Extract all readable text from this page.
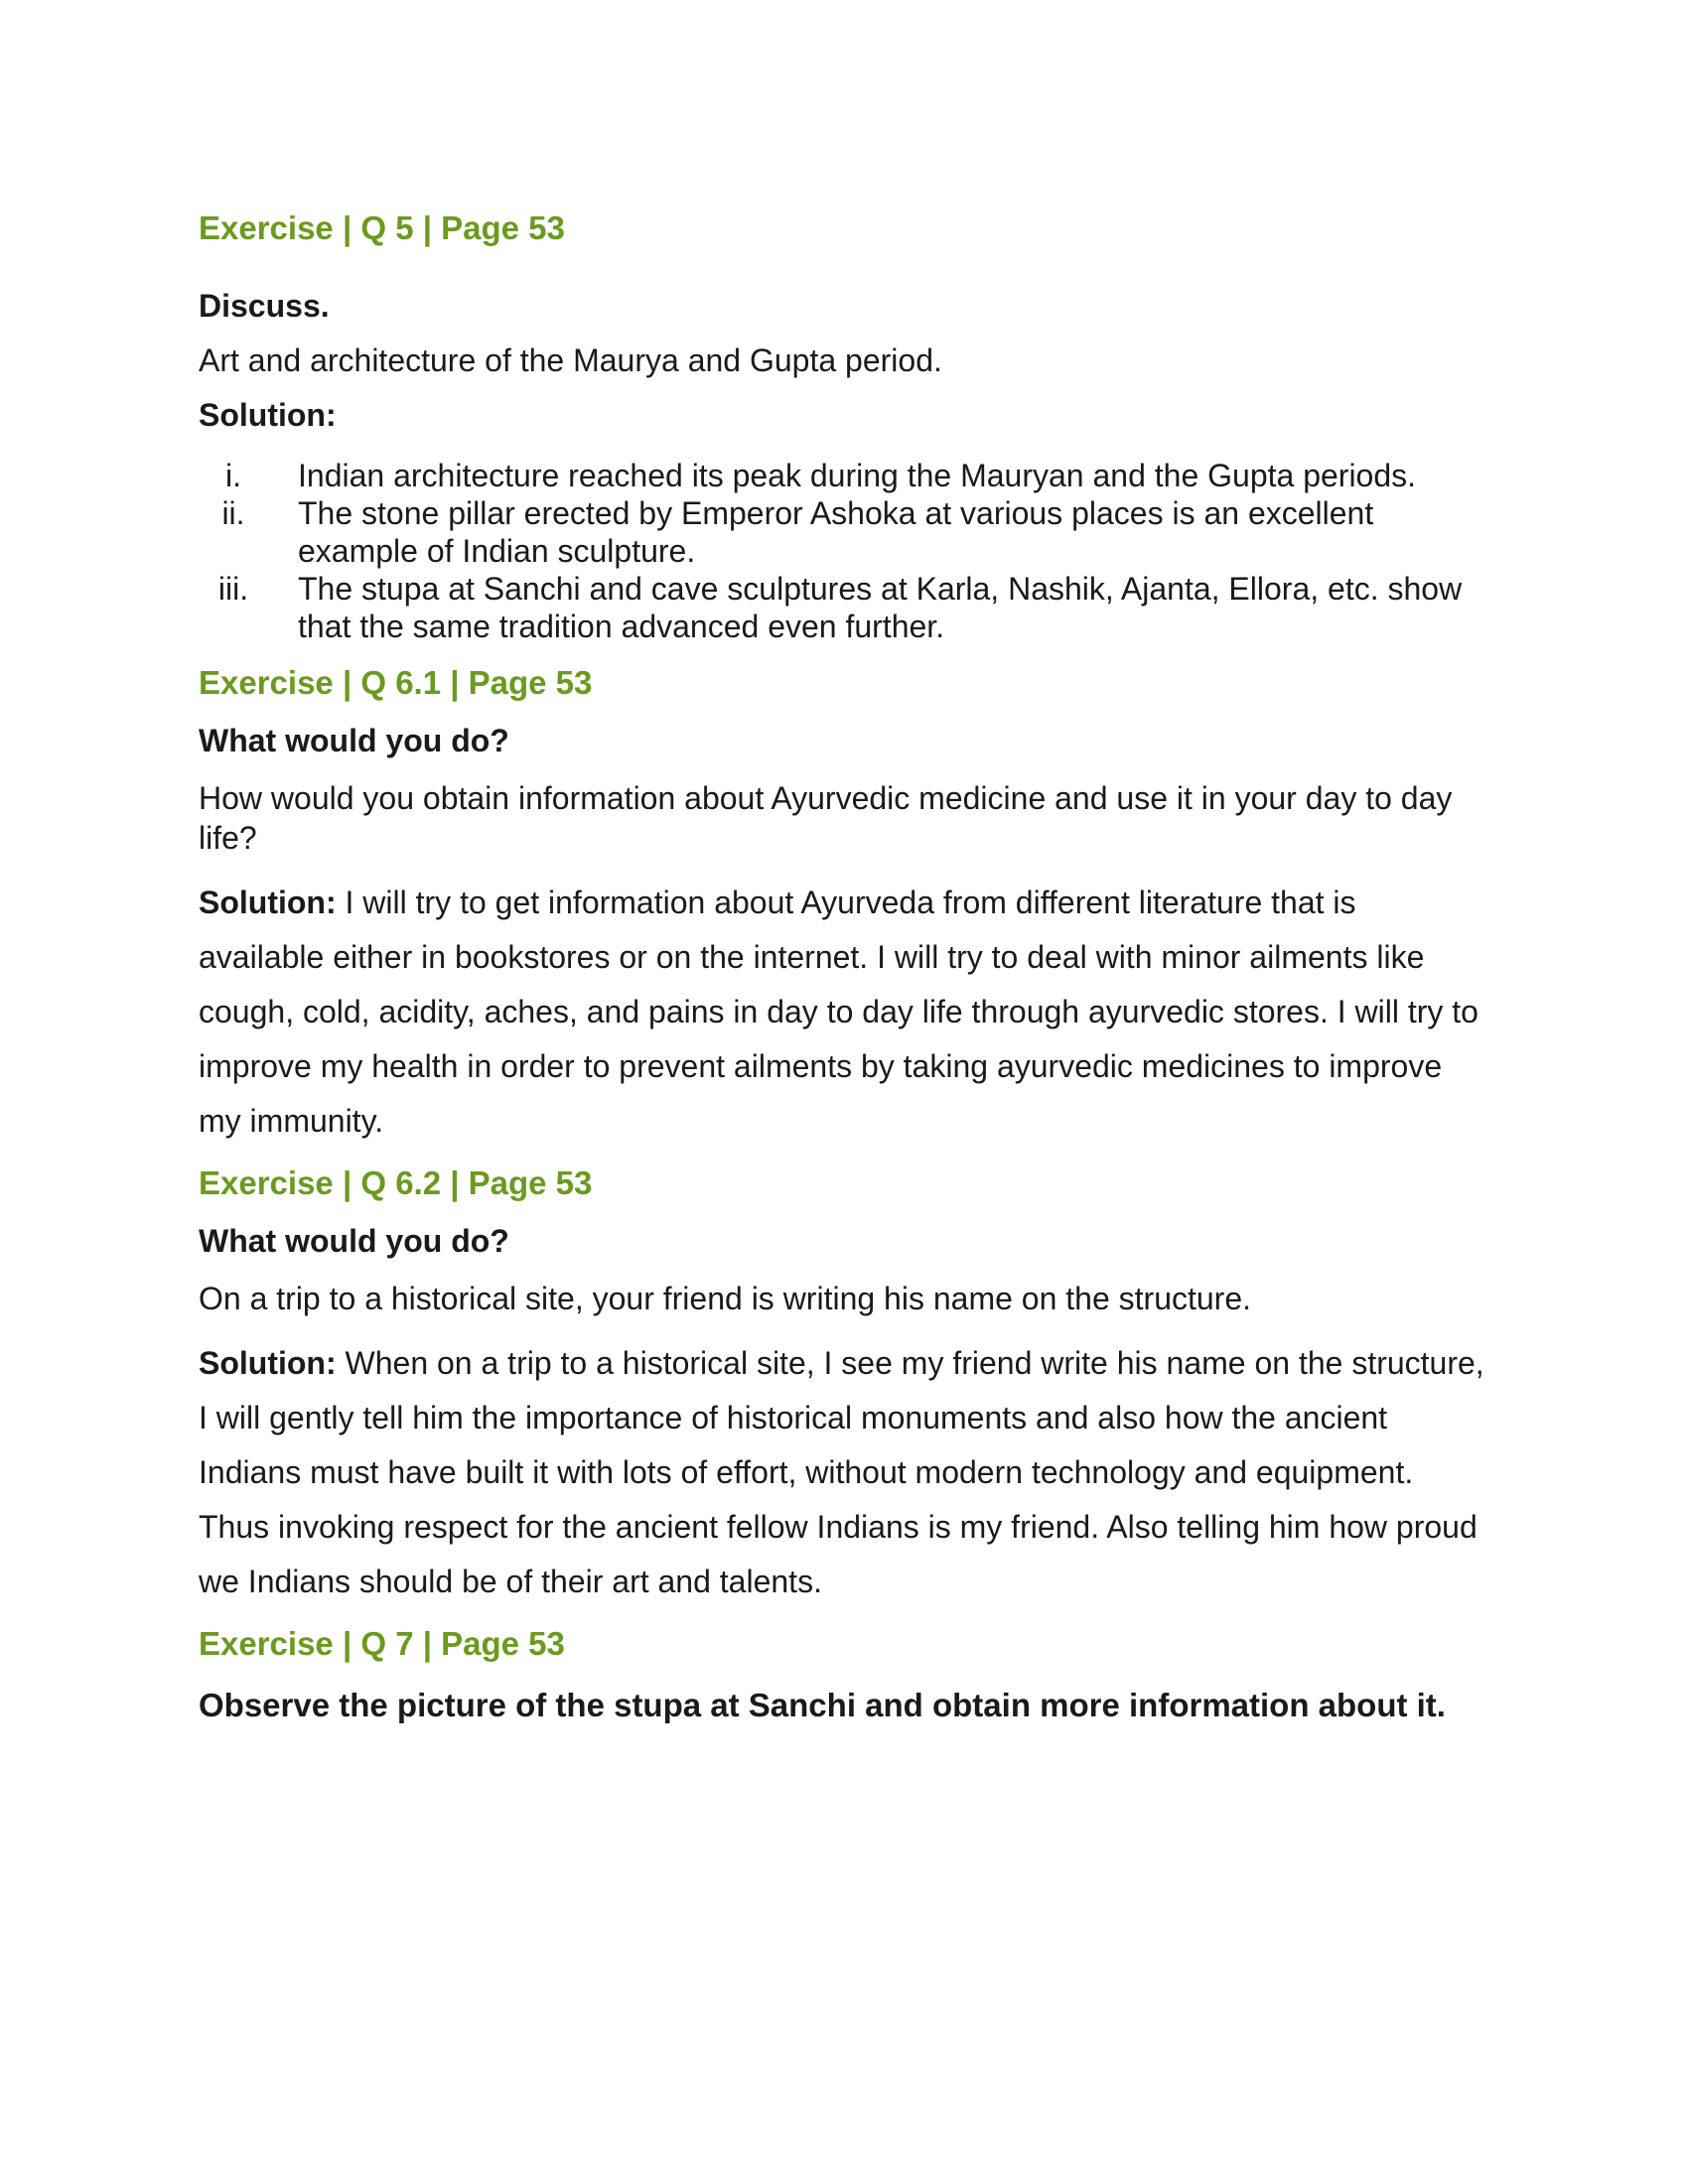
Exercise | Q 5 | Page 53

Discuss.

Art and architecture of the Maurya and Gupta period.

Solution:

i.	Indian architecture reached its peak during the Mauryan and the Gupta periods.
ii.	The stone pillar erected by Emperor Ashoka at various places is an excellent example of Indian sculpture.
iii.	The stupa at Sanchi and cave sculptures at Karla, Nashik, Ajanta, Ellora, etc. show that the same tradition advanced even further.

Exercise | Q 6.1 | Page 53

What would you do?

How would you obtain information about Ayurvedic medicine and use it in your day to day life?

Solution: I will try to get information about Ayurveda from different literature that is available either in bookstores or on the internet. I will try to deal with minor ailments like cough, cold, acidity, aches, and pains in day to day life through ayurvedic stores. I will try to improve my health in order to prevent ailments by taking ayurvedic medicines to improve my immunity.

Exercise | Q 6.2 | Page 53

What would you do?

On a trip to a historical site, your friend is writing his name on the structure.

Solution: When on a trip to a historical site, I see my friend write his name on the structure, I will gently tell him the importance of historical monuments and also how the ancient Indians must have built it with lots of effort, without modern technology and equipment. Thus invoking respect for the ancient fellow Indians is my friend. Also telling him how proud we Indians should be of their art and talents.

Exercise | Q 7 | Page 53

Observe the picture of the stupa at Sanchi and obtain more information about it.
